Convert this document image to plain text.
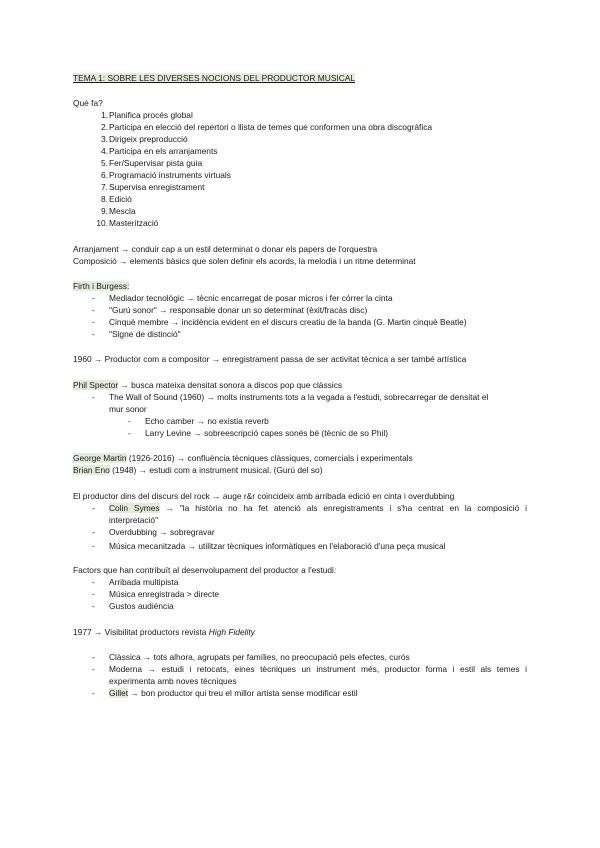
TEMA 1: SOBRE LES DIVERSES NOCIONS DEL PRODUCTOR MUSICAL
Què fa?
1. Planifica procés global
2. Participa en elecció del repertori o llista de temes que conformen una obra discogràfica
3. Dirigeix preproducció
4. Participa en els arranjaments
5. Fer/Supervisar pista guia
6. Programació instruments virtuals
7. Supervisa enregistrament
8. Edició
9. Mescla
10. Masterització
Arranjament → conduir cap a un estil determinat o donar els papers de l'orquestra
Composició → elements bàsics que solen definir els acords, la melodia i un ritme determinat
Firth i Burgess:
-	Mediador tecnològic → tècnic encarregat de posar micros i fer córrer la cinta
-	"Gurú sonor" → responsable donar un so determinat (èxit/fracàs disc)
-	Cinquè membre → incidència evident en el discurs creatiu de la banda (G. Martin cinquè Beatle)
-	"Signe de distinció"
1960 → Productor com a compositor → enregistrament passa de ser activitat tècnica a ser també artística
Phil Spector → busca mateixa densitat sonora a discos pop que clàssics
-	The Wall of Sound (1960) → molts instruments tots a la vegada a l'estudi, sobrecarregar de densitat el
mur sonor
-	Echo camber → no existia reverb
-	Larry Levine → sobreescripció capes sonés bé (tècnic de so Phil)
George Martin (1926-2016) → confluència tècniques clàssiques, comercials i experimentals
Brian Eno (1948) → estudi com a instrument musical. (Gurú del so)
El productor dins del discurs del rock → auge r&r coincideix amb arribada edició en cinta i overdubbing
-	Colin Symes → "la història no ha fet atenció als enregistraments i s'ha centrat en la composició i
interpretació"
-	Overdubbing → sobregravar
-	Música mecanitzada → utilitzar tècniques informàtiques en l'elaboració d'una peça musical
Factors que han contribuït al desenvolupament del productor a l'estudi:
-	Arribada multipista
-	Música enregistrada > directe
-	Gustos audiència
1977 → Visibilitat productors revista High Fidelity
-	Clàssica → tots alhora, agrupats per famílies, no preocupació pels efectes, curós
-	Moderna → estudi i retocats, eines tècniques un instrument més, productor forma i estil als temes i
experimenta amb noves tècniques
-	Gillet → bon productor qui treu el millor artista sense modificar estil
